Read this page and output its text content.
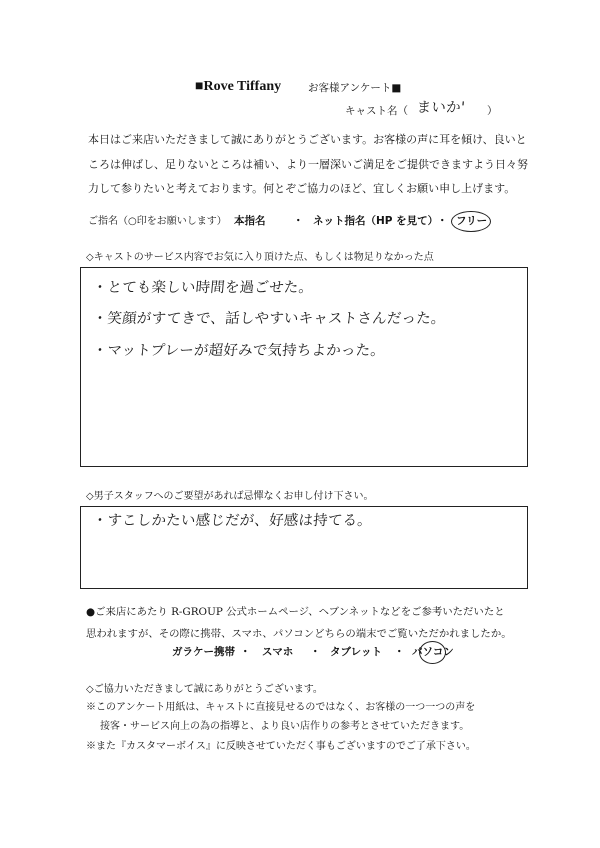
■Rove Tiffany	お客様アンケート■
キャスト名（ まいか' ）
本日はご来店いただきまして誠にありがとうございます。お客様の声に耳を傾け、良いと
ころは伸ばし、足りないところは補い、より一層深いご満足をご提供できますよう日々努
力して参りたいと考えております。何とぞご協力のほど、宜しくお願い申し上げます。
ご指名（○印をお願いします） 本指名	・ ネット指名（HP を見て）
・ フリー
◇キャストのサービス内容でお気に入り頂けた点、もしくは物足りなかった点
・とても楽しい時間を過ごせた。
・笑顔がすてきで、話しやすいキャストさんだった。
・マットプレーが超好みで気持ちよかった。
◇男子スタッフへのご要望があれば忌憚なくお申し付け下さい。
・すこしかたい感じだが、好感は持てる。
●ご来店にあたり R-GROUP 公式ホームページ、ヘブンネットなどをご参考いただいたと
思われますが、その際に携帯、スマホ、パソコンどちらの端末でご覧いただかれましたか。
ガラケー携帯 ・ スマホ ・ タブレット ・ パソコン
◇ご協力いただきまして誠にありがとうございます。
※このアンケート用紙は、キャストに直接見せるのではなく、お客様の一つ一つの声を
接客・サービス向上の為の指導と、より良い店作りの参考とさせていただきます。
※また『カスタマーボイス』に反映させていただく事もございますのでご了承下さい。
